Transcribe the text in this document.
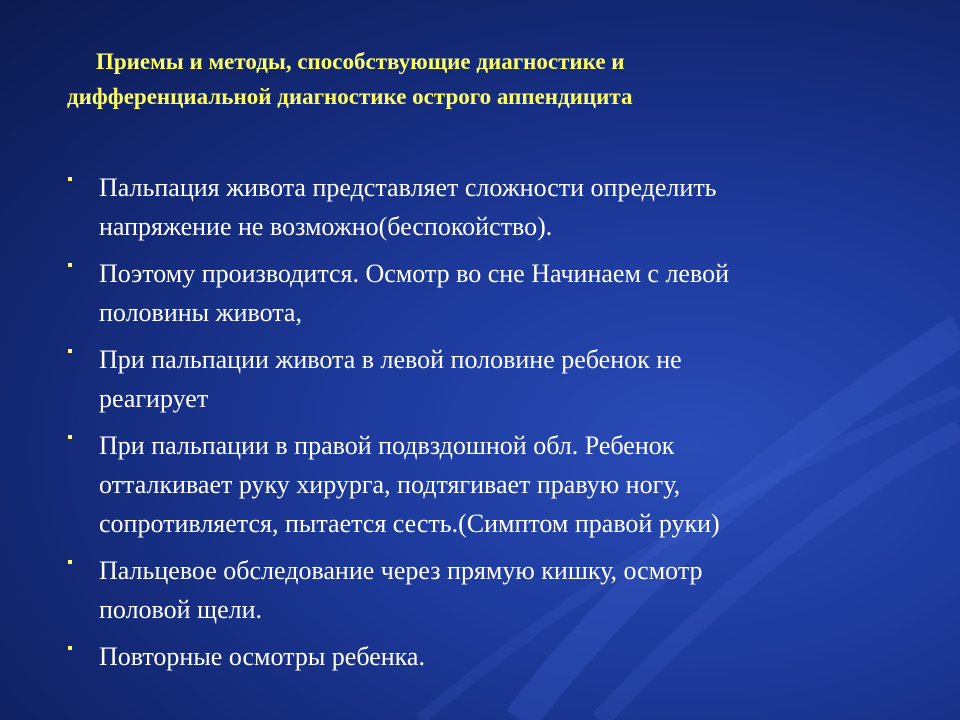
Приемы и методы, способствующие диагностике и
дифференциальной диагностике острого аппендицита
Пальпация живота представляет сложности определить
напряжение не возможно(беспокойство).
Поэтому производится. Осмотр во сне Начинаем с левой
половины живота,
При пальпации живота в левой половине ребенок не
реагирует
При пальпации в правой подвздошной обл. Ребенок
отталкивает руку хирурга, подтягивает правую ногу,
сопротивляется, пытается сесть.(Симптом правой руки)
Пальцевое обследование через прямую кишку, осмотр
половой щели.
Повторные осмотры ребенка.
